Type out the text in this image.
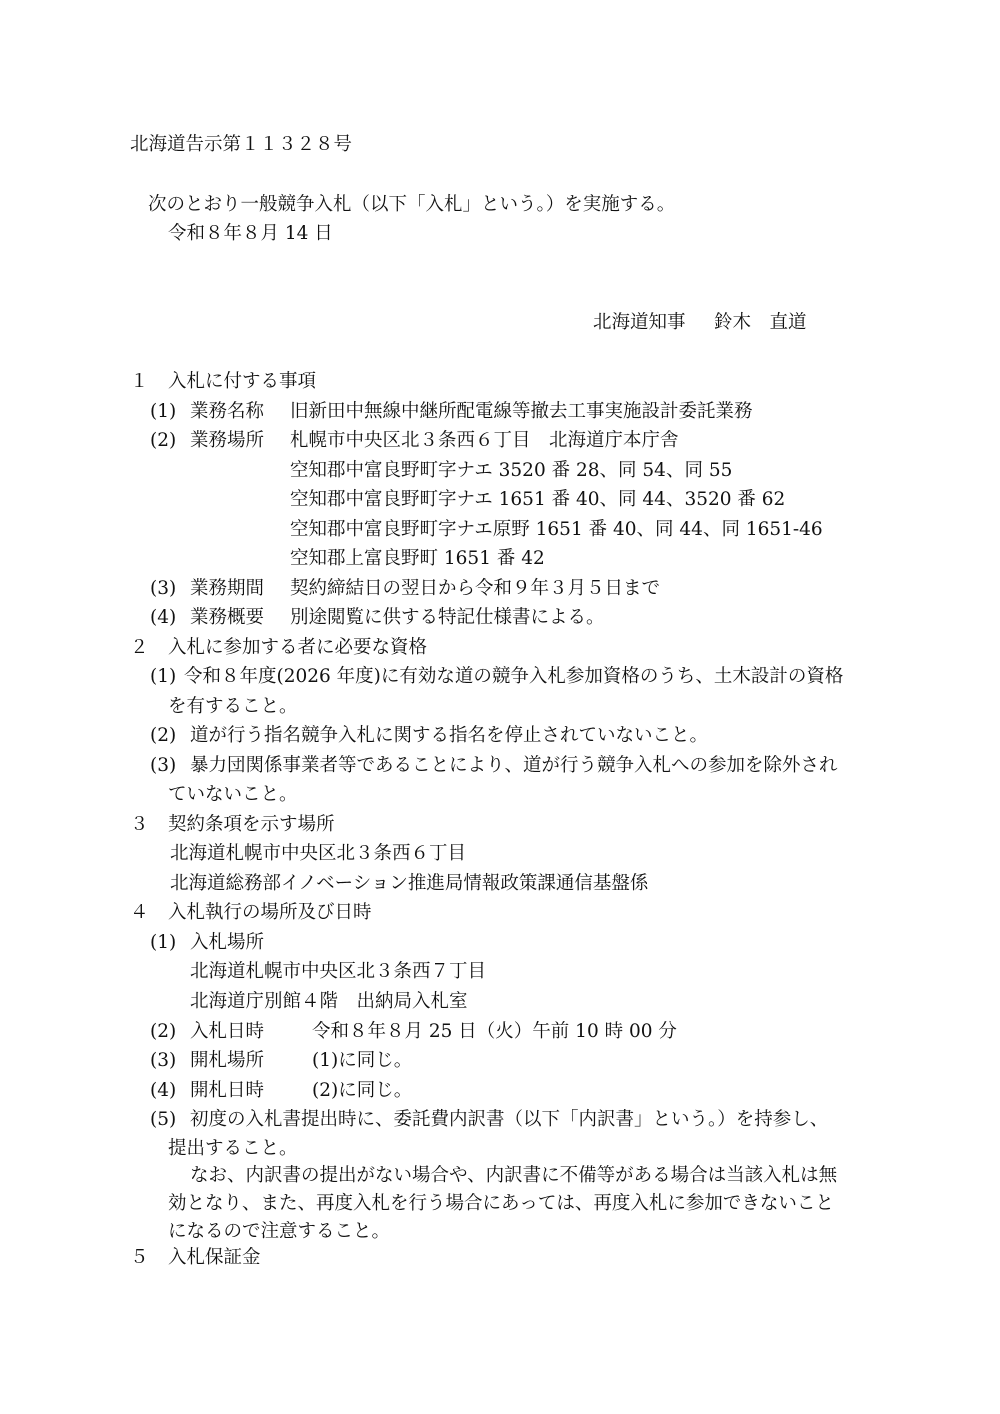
北海道告示第１１３２８号
次のとおり一般競争入札（以下「入札」という。）を実施する。
令和８年８月 14 日
北海道知事 鈴木　直道
１ 入札に付する事項
(1) 業務名称 旧新田中無線中継所配電線等撤去工事実施設計委託業務
(2) 業務場所 札幌市中央区北３条西６丁目　北海道庁本庁舎
空知郡中富良野町字ナエ 3520 番 28、同 54、同 55
空知郡中富良野町字ナエ 1651 番 40、同 44、3520 番 62
空知郡中富良野町字ナエ原野 1651 番 40、同 44、同 1651-46
空知郡上富良野町 1651 番 42
(3) 業務期間 契約締結日の翌日から令和９年３月５日まで
(4) 業務概要 別途閲覧に供する特記仕様書による。
２ 入札に参加する者に必要な資格
(1) 令和８年度(2026 年度)に有効な道の競争入札参加資格のうち、土木設計の資格
を有すること。
(2) 道が行う指名競争入札に関する指名を停止されていないこと。
(3) 暴力団関係事業者等であることにより、道が行う競争入札への参加を除外され
ていないこと。
３ 契約条項を示す場所
北海道札幌市中央区北３条西６丁目
北海道総務部イノベーション推進局情報政策課通信基盤係
４ 入札執行の場所及び日時
(1) 入札場所
北海道札幌市中央区北３条西７丁目
北海道庁別館４階　出納局入札室
(2) 入札日時	令和８年８月 25 日（火）午前 10 時 00 分
(3) 開札場所	(1)に同じ。
(4) 開札日時	(2)に同じ。
(5) 初度の入札書提出時に、委託費内訳書（以下「内訳書」という。）を持参し、
提出すること。
なお、内訳書の提出がない場合や、内訳書に不備等がある場合は当該入札は無
効となり、また、再度入札を行う場合にあっては、再度入札に参加できないこと
になるので注意すること。
５ 入札保証金
